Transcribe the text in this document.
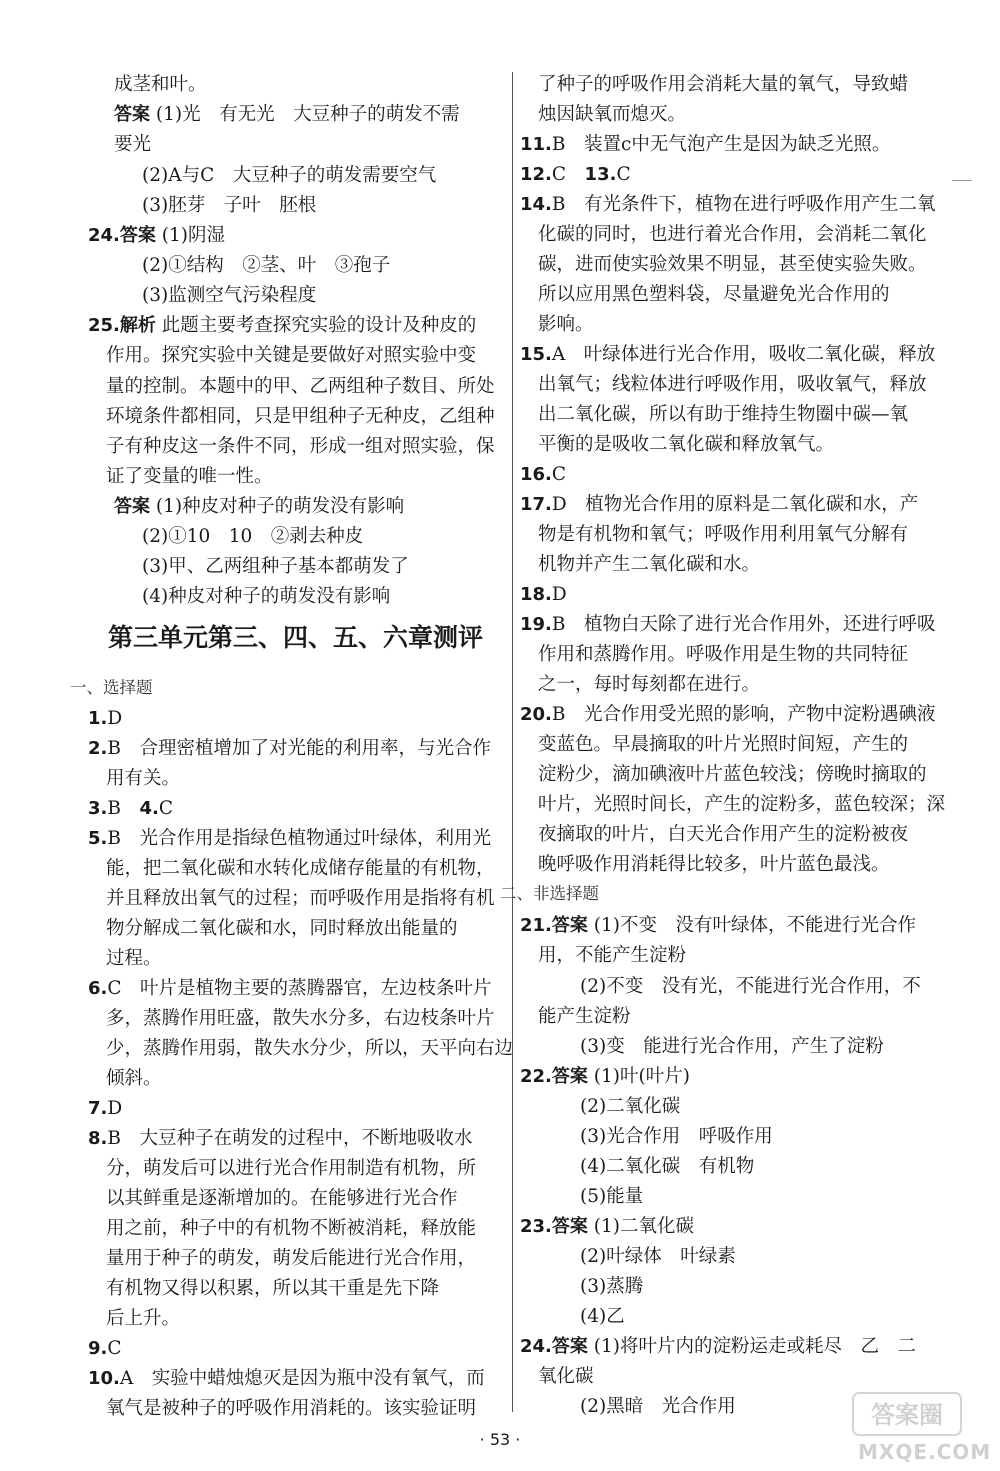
成茎和叶。
答案 (1)光　有无光　大豆种子的萌发不需
要光
(2)A与C　大豆种子的萌发需要空气
(3)胚芽　子叶　胚根
24.答案 (1)阴湿
(2)①结构　②茎、叶　③孢子
(3)监测空气污染程度
25.解析 此题主要考查探究实验的设计及种皮的
作用。探究实验中关键是要做好对照实验中变
量的控制。本题中的甲、乙两组种子数目、所处
环境条件都相同，只是甲组种子无种皮，乙组种
子有种皮这一条件不同，形成一组对照实验，保
证了变量的唯一性。
答案 (1)种皮对种子的萌发没有影响
(2)①10　10　②剥去种皮
(3)甲、乙两组种子基本都萌发了
(4)种皮对种子的萌发没有影响
第三单元第三、四、五、六章测评
一、选择题
1.D
2.B　合理密植增加了对光能的利用率，与光合作
用有关。
3.B　4.C
5.B　光合作用是指绿色植物通过叶绿体，利用光
能，把二氧化碳和水转化成储存能量的有机物，
并且释放出氧气的过程；而呼吸作用是指将有机
物分解成二氧化碳和水，同时释放出能量的
过程。
6.C　叶片是植物主要的蒸腾器官，左边枝条叶片
多，蒸腾作用旺盛，散失水分多，右边枝条叶片
少，蒸腾作用弱，散失水分少，所以，天平向右边
倾斜。
7.D
8.B　大豆种子在萌发的过程中，不断地吸收水
分，萌发后可以进行光合作用制造有机物，所
以其鲜重是逐渐增加的。在能够进行光合作
用之前，种子中的有机物不断被消耗，释放能
量用于种子的萌发，萌发后能进行光合作用，
有机物又得以积累，所以其干重是先下降
后上升。
9.C
10.A　实验中蜡烛熄灭是因为瓶中没有氧气，而
氧气是被种子的呼吸作用消耗的。该实验证明
了种子的呼吸作用会消耗大量的氧气，导致蜡
烛因缺氧而熄灭。
11.B　装置c中无气泡产生是因为缺乏光照。
12.C　13.C
14.B　有光条件下，植物在进行呼吸作用产生二氧
化碳的同时，也进行着光合作用，会消耗二氧化
碳，进而使实验效果不明显，甚至使实验失败。
所以应用黑色塑料袋，尽量避免光合作用的
影响。
15.A　叶绿体进行光合作用，吸收二氧化碳，释放
出氧气；线粒体进行呼吸作用，吸收氧气，释放
出二氧化碳，所以有助于维持生物圈中碳—氧
平衡的是吸收二氧化碳和释放氧气。
16.C
17.D　植物光合作用的原料是二氧化碳和水，产
物是有机物和氧气；呼吸作用利用氧气分解有
机物并产生二氧化碳和水。
18.D
19.B　植物白天除了进行光合作用外，还进行呼吸
作用和蒸腾作用。呼吸作用是生物的共同特征
之一，每时每刻都在进行。
20.B　光合作用受光照的影响，产物中淀粉遇碘液
变蓝色。早晨摘取的叶片光照时间短，产生的
淀粉少，滴加碘液叶片蓝色较浅；傍晚时摘取的
叶片，光照时间长，产生的淀粉多，蓝色较深；深
夜摘取的叶片，白天光合作用产生的淀粉被夜
晚呼吸作用消耗得比较多，叶片蓝色最浅。
二、非选择题
21.答案 (1)不变　没有叶绿体，不能进行光合作
用，不能产生淀粉
(2)不变　没有光，不能进行光合作用，不
能产生淀粉
(3)变　能进行光合作用，产生了淀粉
22.答案 (1)叶(叶片)
(2)二氧化碳
(3)光合作用　呼吸作用
(4)二氧化碳　有机物
(5)能量
23.答案 (1)二氧化碳
(2)叶绿体　叶绿素
(3)蒸腾
(4)乙
24.答案 (1)将叶片内的淀粉运走或耗尽　乙　二
氧化碳
(2)黑暗　光合作用
· 53 ·
答案圈
MXQE.COM
